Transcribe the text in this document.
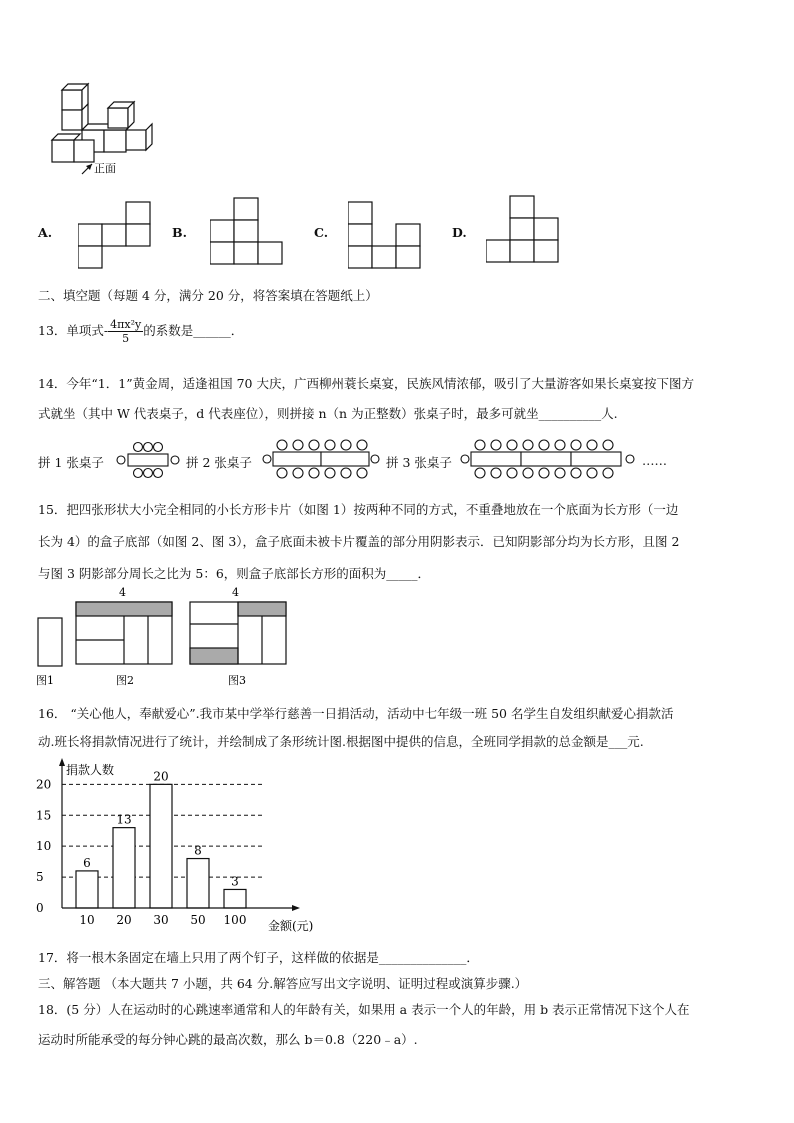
正面
A.	B.	C.	D.
二、填空题（每题 4 分，满分 20 分，将答案填在答题纸上）
13．单项式- $\frac{\text{4πx²y}}{5}$ 的系数是______．
14．今年“1．1”黄金周，适逢祖国 70 大庆，广西柳州蓑长桌宴，民族风情浓郁，吸引了大量游客如果长桌宴按下图方
式就坐（其中 W 代表桌子，d 代表座位），则拼接 n（n 为正整数）张桌子时，最多可就坐__________人.
拼 1 张桌子	拼 2 张桌子	拼 3 张桌子	……
15．把四张形状大小完全相同的小长方形卡片（如图 1）按两种不同的方式，不重叠地放在一个底面为长方形（一边
长为 4）的盒子底部（如图 2、图 3），盒子底面未被卡片覆盖的部分用阴影表示．已知阴影部分均为长方形，且图 2
与图 3 阴影部分周长之比为 5：6，则盒子底部长方形的面积为_____．
图1
4
图2
4
图3
16． “关心他人，奉献爱心”.我市某中学举行慈善一日捐活动，活动中七年级一班 50 名学生自发组织献爱心捐款活
动.班长将捐款情况进行了统计，并绘制成了条形统计图.根据图中提供的信息，全班同学捐款的总金额是___元.
0
5
10
15
20
6
10
13
20
20
30
8
50
3
100
捐款人数
金额(元)
17．将一根木条固定在墙上只用了两个钉子，这样做的依据是______________．
三、解答题 （本大题共 7 小题，共 64 分.解答应写出文字说明、证明过程或演算步骤.）
18．(5 分）人在运动时的心跳速率通常和人的年龄有关，如果用 a 表示一个人的年龄，用 b 表示正常情况下这个人在
运动时所能承受的每分钟心跳的最高次数，那么 b＝0.8（220﹣a）.
